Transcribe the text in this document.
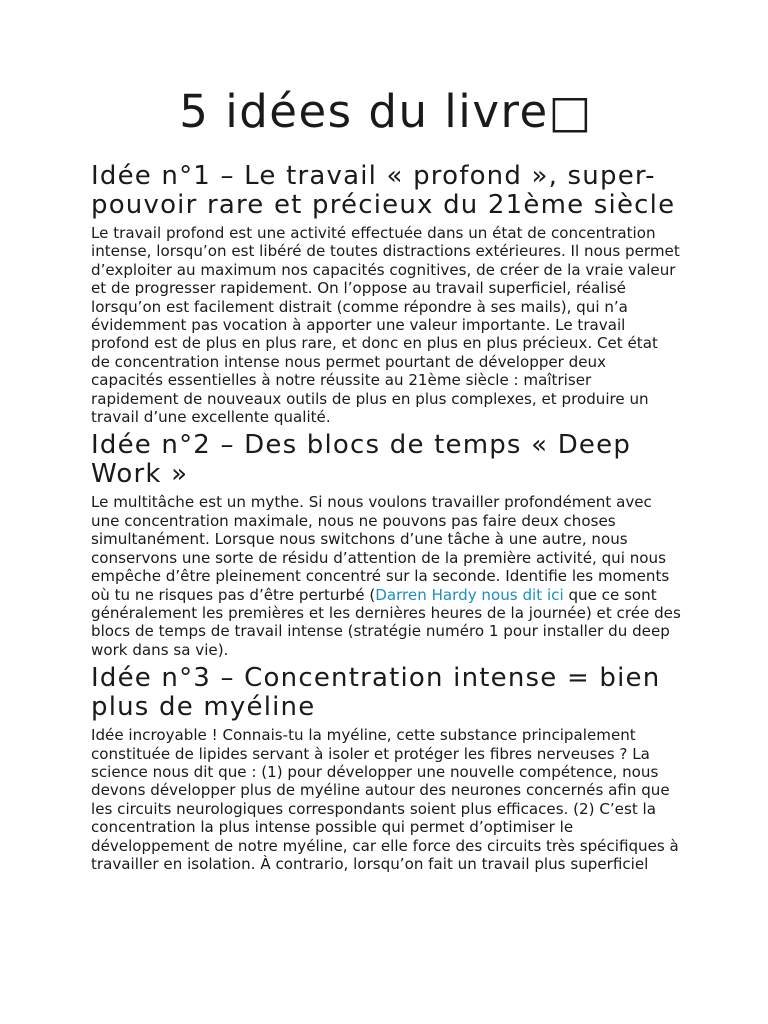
5 idées du livre□
Idée n°1 – Le travail « profond », super-pouvoir rare et précieux du 21ème siècle

Le travail profond est une activité effectuée dans un état de concentration intense, lorsqu’on est libéré de toutes distractions extérieures. Il nous permet d’exploiter au maximum nos capacités cognitives, de créer de la vraie valeur et de progresser rapidement. On l’oppose au travail superficiel, réalisé lorsqu’on est facilement distrait (comme répondre à ses mails), qui n’a évidemment pas vocation à apporter une valeur importante. Le travail profond est de plus en plus rare, et donc en plus en plus précieux. Cet état de concentration intense nous permet pourtant de développer deux capacités essentielles à notre réussite au 21ème siècle : maîtriser rapidement de nouveaux outils de plus en plus complexes, et produire un travail d’une excellente qualité.

Idée n°2 – Des blocs de temps « Deep Work »

Le multitâche est un mythe. Si nous voulons travailler profondément avec une concentration maximale, nous ne pouvons pas faire deux choses simultanément. Lorsque nous switchons d’une tâche à une autre, nous conservons une sorte de résidu d’attention de la première activité, qui nous empêche d’être pleinement concentré sur la seconde. Identifie les moments où tu ne risques pas d’être perturbé (Darren Hardy nous dit ici que ce sont généralement les premières et les dernières heures de la journée) et crée des blocs de temps de travail intense (stratégie numéro 1 pour installer du deep work dans sa vie).

Idée n°3 – Concentration intense = bien plus de myéline

Idée incroyable ! Connais-tu la myéline, cette substance principalement constituée de lipides servant à isoler et protéger les fibres nerveuses ? La science nous dit que : (1) pour développer une nouvelle compétence, nous devons développer plus de myéline autour des neurones concernés afin que les circuits neurologiques correspondants soient plus efficaces. (2) C’est la concentration la plus intense possible qui permet d’optimiser le développement de notre myéline, car elle force des circuits très spécifiques à travailler en isolation. À contrario, lorsqu’on fait un travail plus superficiel
